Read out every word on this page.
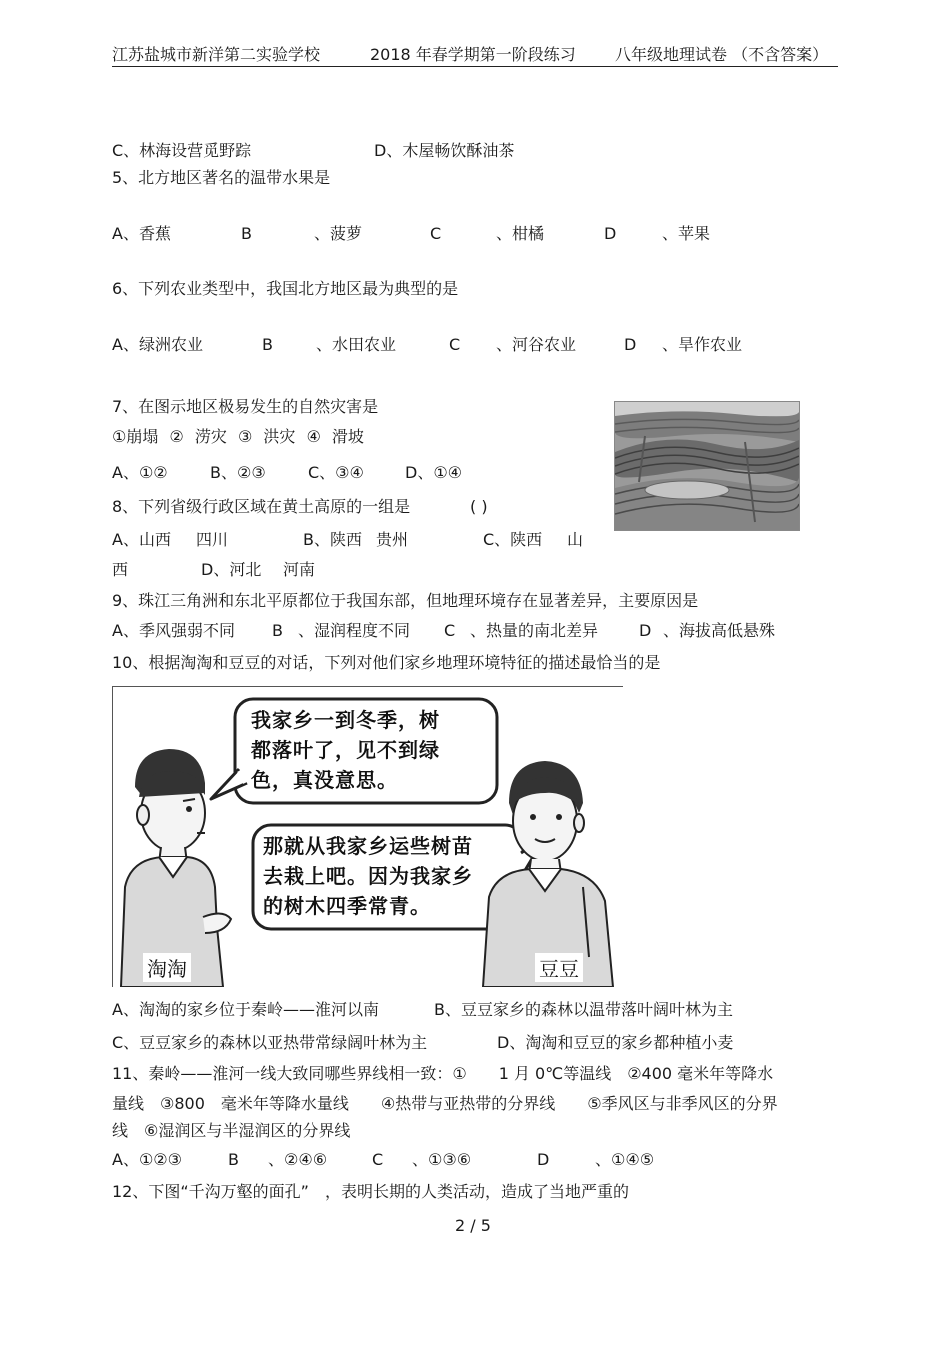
江苏盐城市新洋第二实验学校	2018 年春学期第一阶段练习 八年级地理试卷 （不含答案）
C、林海设营觅野踪	D、木屋畅饮酥油茶
5、北方地区著名的温带水果是
A、香蕉	B	、菠萝	C	、柑橘	D	、苹果
6、下列农业类型中，我国北方地区最为典型的是
A、绿洲农业	B	、水田农业	C 、河谷农业	D 、旱作农业
7、在图示地区极易发生的自然灾害是
①崩塌 ② 涝灾 ③ 洪灾 ④ 滑坡
A、①②	B、②③	C、③④	D、①④
8、下列省级行政区域在黄土高原的一组是	( )
A、山西 四川	B、陕西 贵州	C、陕西 山
西	D、河北 河南
9、珠江三角洲和东北平原都位于我国东部，但地理环境存在显著差异，主要原因是
A、季风强弱不同 B 、湿润程度不同 C 、热量的南北差异	D 、海拔高低悬殊
10、根据淘淘和豆豆的对话，下列对他们家乡地理环境特征的描述最恰当的是
我家乡一到冬季，树
都落叶了，见不到绿
色，真没意思。
那就从我家乡运些树苗
去栽上吧。因为我家乡
的树木四季常青。
淘淘	豆豆
A、淘淘的家乡位于秦岭——淮河以南	B、豆豆家乡的森林以温带落叶阔叶林为主
C、豆豆家乡的森林以亚热带常绿阔叶林为主	D、淘淘和豆豆的家乡都种植小麦
11、秦岭——淮河一线大致同哪些界线相一致：①　　1 月 0℃等温线　②400 毫米年等降水
量线　③800　毫米年等降水量线　　④热带与亚热带的分界线　　⑤季风区与非季风区的分界
线　⑥湿润区与半湿润区的分界线
A、①②③	B 、②④⑥	C 、①③⑥	D	、①④⑤
12、下图“千沟万壑的面孔”　，表明长期的人类活动，造成了当地严重的
2 / 5
